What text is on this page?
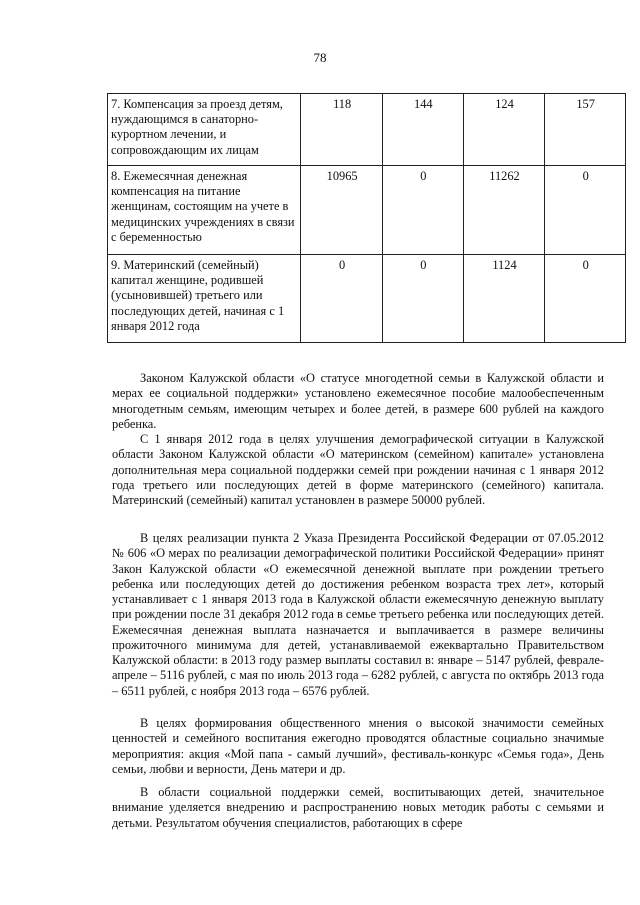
78
7. Компенсация за проезд детям, нуждающимся в санаторно-курортном лечении, и сопровождающим их лицам	118	144	124	157
8. Ежемесячная денежная компенсация на питание женщинам, состоящим на учете в медицинских учреждениях в связи с беременностью	10965	0	11262	0
9. Материнский (семейный) капитал женщине, родившей (усыновившей) третьего или последующих детей, начиная с 1 января 2012 года	0	0	1124	0

Законом Калужской области «О статусе многодетной семьи в Калужской области и мерах ее социальной поддержки» установлено ежемесячное пособие малообеспеченным многодетным семьям, имеющим четырех и более детей, в размере 600 рублей на каждого ребенка.

С 1 января 2012 года в целях улучшения демографической ситуации в Калужской области Законом Калужской области «О материнском (семейном) капитале» установлена дополнительная мера социальной поддержки семей при рождении начиная с 1 января 2012 года третьего или последующих детей в форме материнского (семейного) капитала. Материнский (семейный) капитал установлен в размере 50000 рублей.

В целях реализации пункта 2 Указа Президента Российской Федерации от 07.05.2012 № 606 «О мерах по реализации демографической политики Российской Федерации» принят Закон Калужской области «О ежемесячной денежной выплате при рождении третьего ребенка или последующих детей до достижения ребенком возраста трех лет», который устанавливает с 1 января 2013 года в Калужской области ежемесячную денежную выплату при рождении после 31 декабря 2012 года в семье третьего ребенка или последующих детей. Ежемесячная денежная выплата назначается и выплачивается в размере величины прожиточного минимума для детей, устанавливаемой ежеквартально Правительством Калужской области: в 2013 году размер выплаты составил в: январе – 5147 рублей, феврале-апреле – 5116 рублей, с мая по июль 2013 года – 6282 рублей, с августа по октябрь 2013 года – 6511 рублей, с ноября 2013 года – 6576 рублей.

В целях формирования общественного мнения о высокой значимости семейных ценностей и семейного воспитания ежегодно проводятся областные социально значимые мероприятия: акция «Мой папа - самый лучший», фестиваль-конкурс «Семья года», День семьи, любви и верности, День матери и др.

В области социальной поддержки семей, воспитывающих детей, значительное внимание уделяется внедрению и распространению новых методик работы с семьями и детьми. Результатом обучения специалистов, работающих в сфере
